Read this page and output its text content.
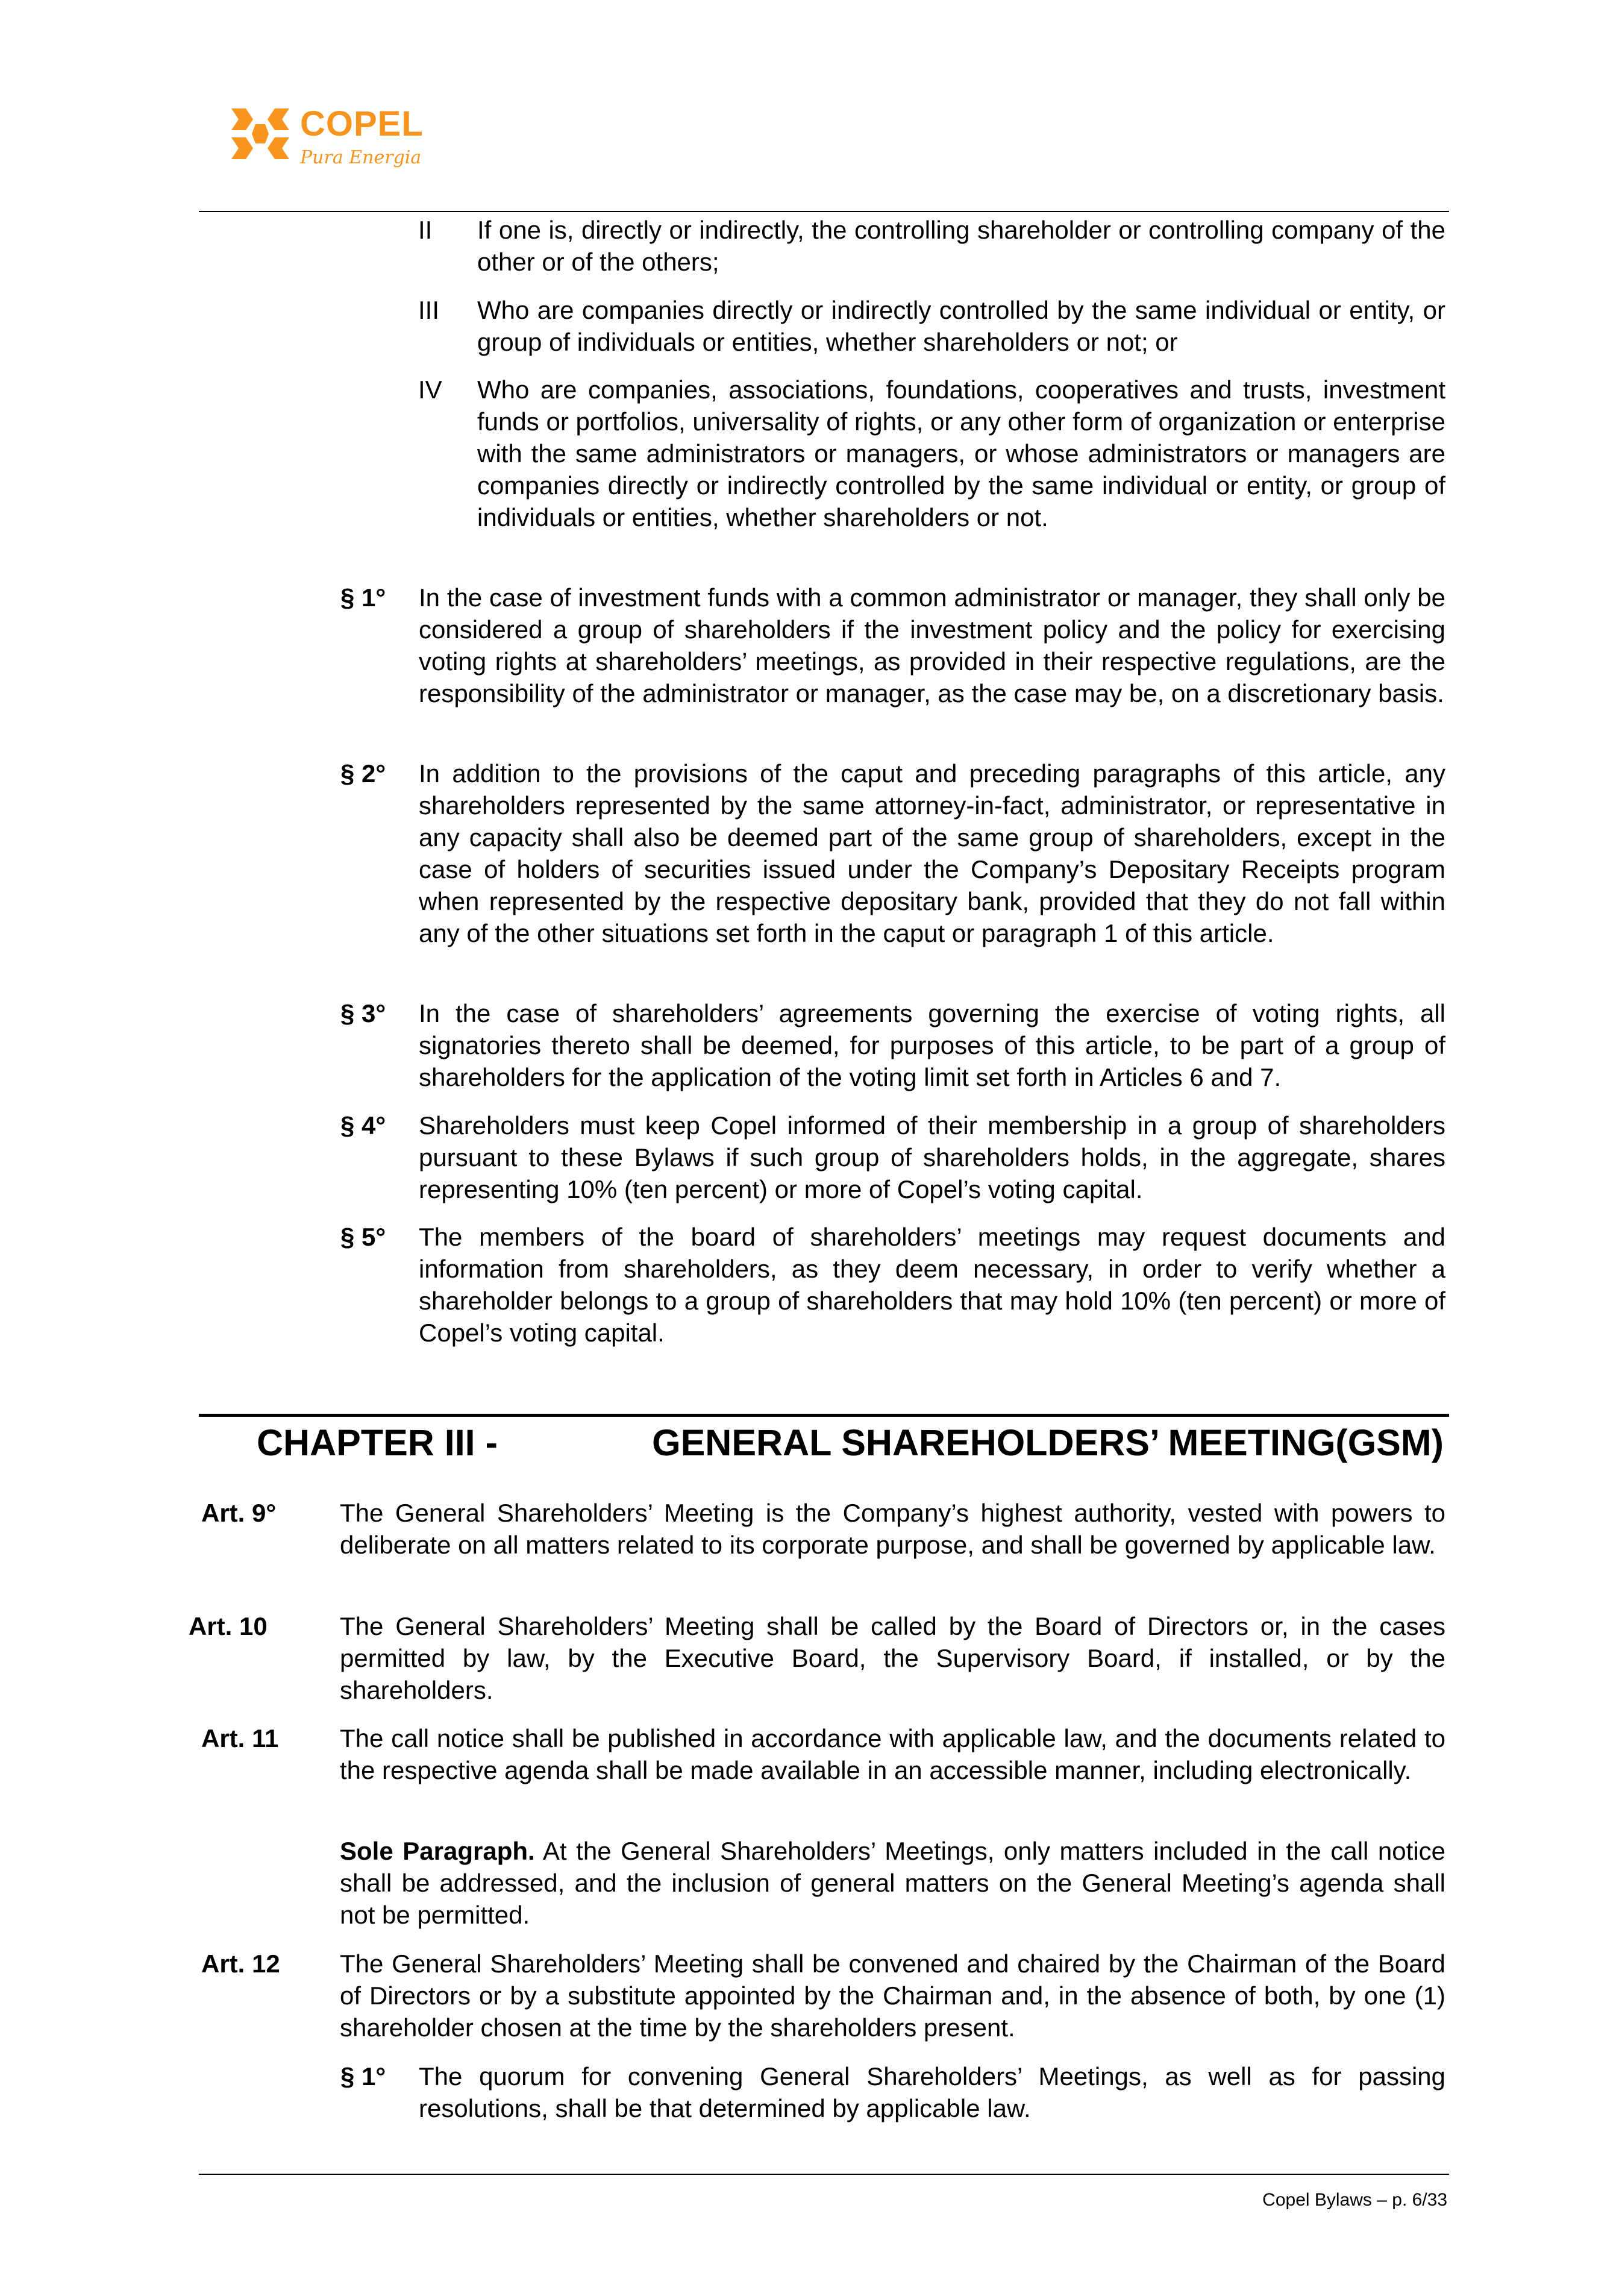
COPEL
Pura Energia
II If one is, directly or indirectly, the controlling shareholder or controlling company of the other or of the others;
III Who are companies directly or indirectly controlled by the same individual or entity, or group of individuals or entities, whether shareholders or not; or
IV Who are companies, associations, foundations, cooperatives and trusts, investment funds or portfolios, universality of rights, or any other form of organization or enterprise with the same administrators or managers, or whose administrators or managers are companies directly or indirectly controlled by the same individual or entity, or group of individuals or entities, whether shareholders or not.
§ 1° In the case of investment funds with a common administrator or manager, they shall only be considered a group of shareholders if the investment policy and the policy for exercising voting rights at shareholders’ meetings, as provided in their respective regulations, are the responsibility of the administrator or manager, as the case may be, on a discretionary basis.
§ 2° In addition to the provisions of the caput and preceding paragraphs of this article, any shareholders represented by the same attorney-in-fact, administrator, or representative in any capacity shall also be deemed part of the same group of shareholders, except in the case of holders of securities issued under the Company’s Depositary Receipts program when represented by the respective depositary bank, provided that they do not fall within any of the other situations set forth in the caput or paragraph 1 of this article.
§ 3° In the case of shareholders’ agreements governing the exercise of voting rights, all signatories thereto shall be deemed, for purposes of this article, to be part of a group of shareholders for the application of the voting limit set forth in Articles 6 and 7.
§ 4° Shareholders must keep Copel informed of their membership in a group of shareholders pursuant to these Bylaws if such group of shareholders holds, in the aggregate, shares representing 10% (ten percent) or more of Copel’s voting capital.
§ 5° The members of the board of shareholders’ meetings may request documents and information from shareholders, as they deem necessary, in order to verify whether a shareholder belongs to a group of shareholders that may hold 10% (ten percent) or more of Copel’s voting capital.
CHAPTER III -	GENERAL SHAREHOLDERS’ MEETING(GSM)
Art. 9°	The General Shareholders’ Meeting is the Company’s highest authority, vested with powers to deliberate on all matters related to its corporate purpose, and shall be governed by applicable law.
Art. 10	The General Shareholders’ Meeting shall be called by the Board of Directors or, in the cases permitted by law, by the Executive Board, the Supervisory Board, if installed, or by the shareholders.
Art. 11 The call notice shall be published in accordance with applicable law, and the documents related to the respective agenda shall be made available in an accessible manner, including electronically.
Sole Paragraph. At the General Shareholders’ Meetings, only matters included in the call notice shall be addressed, and the inclusion of general matters on the General Meeting’s agenda shall not be permitted.
Art. 12 The General Shareholders’ Meeting shall be convened and chaired by the Chairman of the Board of Directors or by a substitute appointed by the Chairman and, in the absence of both, by one (1) shareholder chosen at the time by the shareholders present.
§ 1° The quorum for convening General Shareholders’ Meetings, as well as for passing resolutions, shall be that determined by applicable law.
Copel Bylaws – p. 6/33
